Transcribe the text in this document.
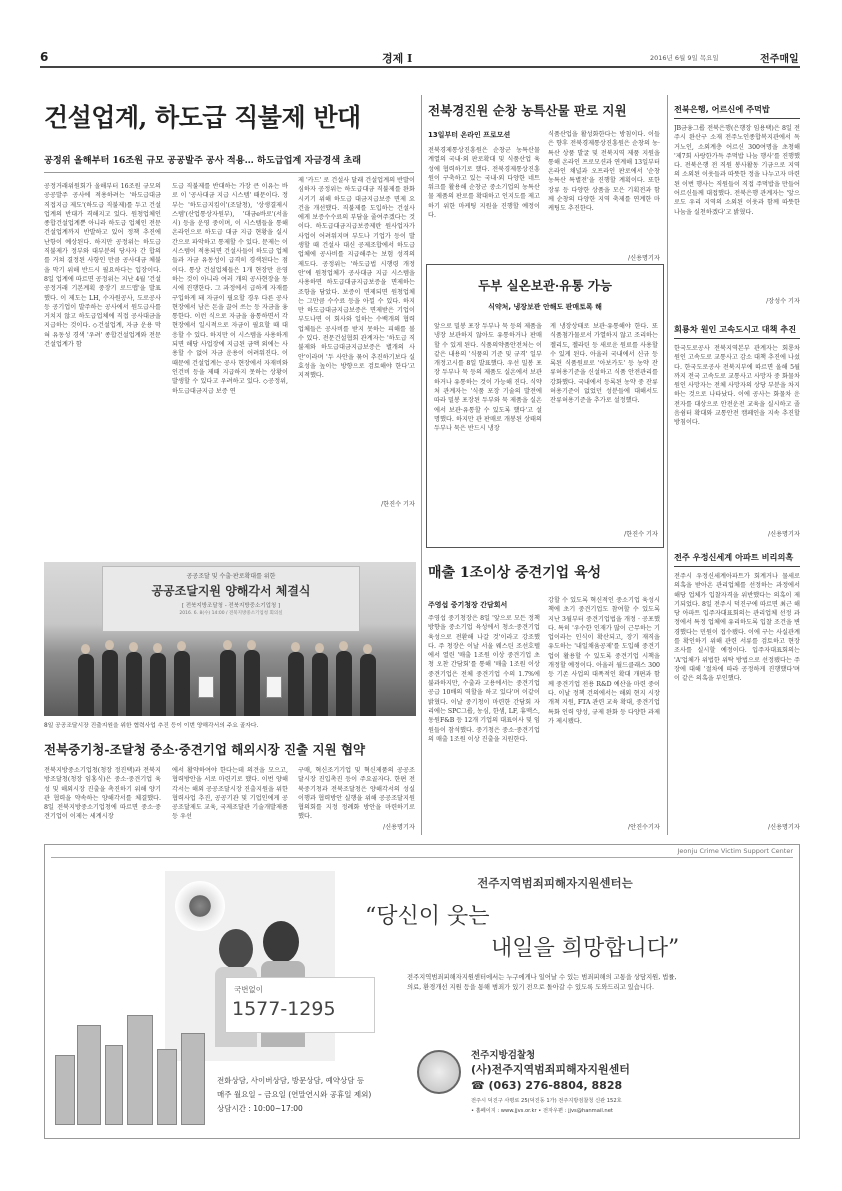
6	경제 Ⅰ	2016년 6월 9일 목요일	전주매일
건설업계, 하도급 직불제 반대
공정위 올해부터 16조원 규모 공공발주 공사 적용… 하도급업계 자금경색 초래
공정거래위원회가 올해부터 16조원 규모의 공공발주 공사에 적용하려는 '하도급대금 직접지급 제도'(하도급 직불제)를 두고 건설업계의 반대가 격해지고 있다. 원청업체인 종합건설업계뿐 아니라 하도급 업체인 전문건설업계까지 반발하고 있어 정책 추진에 난항이 예상된다. 하지만 공정위는 하도급 직불제가 정부와 대부분의 당사자 간 합의를 거쳐 결정된 사항인 만큼 공사대금 체불을 막기 위해 반드시 필요하다는 입장이다. 8일 업계에 따르면 공정위는 지난 4월 '건설 공정거래 기본계획 중장기 로드맵'을 발표했다. 이 제도는 LH, 수자원공사, 도로공사 등 공기업이 발주하는 공사에서 원도급사를 거치지 않고 하도급업체에 직접 공사대금을 지급하는 것이다. ◇건설업계, 자금 운용 막혀 유동성 경색 '우려' 종합건설업계와 전문건설업계가 함
도급 직불제를 반대하는 가장 큰 이유는 바로 이 '공사대금 지급 시스템' 때문이다. 정부는 '하도급지킴이'(조달청), '상생결제시스템'(산업통상자원부), '대금e바로'(서울시) 등을 운영 중이며, 이 시스템들을 통해 온라인으로 하도급 대금 지급 현황을 실시간으로 파악하고 통제할 수 있다. 문제는 이 시스템이 적용되면 건설사들이 하도급 업체들과 자금 유동성이 급격히 경색된다는 점이다. 통상 건설업체들은 1개 현장만 운영하는 것이 아니라 여러 개의 공사현장을 동시에 진행한다. 그 과정에서 급하게 자재를 구입하게 돼 자금이 필요할 경우 다른 공사 현장에서 남은 돈을 끌어 쓰는 등 자금을 융통한다. 이런 식으로 자금을 융통하면서 각 현장에서 일시적으로 자금이 필요할 때 대응할 수 있다. 하지만 이 시스템을 사용하게 되면 해당 사업장에 지급된 금액 외에는 사용할 수 없어 자금 운용이 어려워진다. 이 때문에 건설업계는 공사 현장에서 자재비와 인건비 등을 제때 지급하지 못하는 상황이 발생할 수 있다고 우려하고 있다. ◇공정위, 하도급대금지급 보증 연
제 '카드' 로 건설사 달래 건설업계의 반발이 심하자 공정위는 하도급대금 직불제를 완화시키기 위해 하도급 대금지급보증 면제 요건을 개선했다. 직불제를 도입하는 건설사에게 보증수수료의 부담을 줄여주겠다는 것이다. 하도급대금지급보증제란 원사업자가 사업이 어려워지며 부도나 기업가 등이 발생할 때 건설사 대신 공제조합에서 하도급 업체에 공사비를 지급해주는 보험 성격의 제도다. 공정위는 '하도급법 시행령 개정안'에 원청업체가 공사대금 지급 시스템을 사용하면 하도급대금지급보증을 면제하는 조항을 담았다. 보증이 면제되면 원청업체는 그만큼 수수료 등을 아낄 수 있다. 하지만 하도급대금지급보증은 면제받은 기업이 부도나면 이 회사와 일하는 수백개의 협력업체들은 공사비를 받지 못하는 피해를 볼 수 있다. 전문건설협회 관계자는 '하도급 직불제와 하도급대금지급보증은 별개의 사안'이라며 '두 사안을 묶어 추진하기보다 실효성을 높이는 방향으로 검토해야 한다'고 지적했다.
/한진수 기자
공공조달 및 수출·판로확대를 위한
공공조달지원 양해각서 체결식
[ 전북지방조달청 - 전북지방중소기업청 ]
2016. 6. 8(수) 14:00 / 전북지방중소기업청 회의실
8일 공공조달시장 진출지원을 위한 협력사업 추진 등이 이번 양해각서의 주요 골자다.
전북중기청-조달청 중소·중견기업 해외시장 진출 지원 협약
전북지방중소기업청(청장 정진택)과 전북지방조달청(청장 임홍식)은 중소·중견기업 육성 및 해외시장 진출을 촉진하기 위해 양기관 협력을 약속하는 양해각서를 체결했다. 8일 전북지방중소기업청에 따르면 중소·중견기업이 이제는 세계시장
에서 활약하여야 한다는데 의견을 모으고, 협력방안을 서로 마련키로 했다. 이번 양해각서는 해외 공공조달시장 진출지원을 위한 협력사업 추진, 공공기관 및 기업인에게 공공조달제도 교육, 국제조달관 기술개발제품 등 우선
구매, 혁신조기기업 및 혁신제품의 공공조달시장 진입촉진 등이 주요골자다. 한편 전북중기청과 전북조달청은 양해각서의 성실이행과 협력방안 실행을 위해 공공조달지원협의회를 지정 정례화 방안을 마련하기로 했다.
/신용명기자
전북경진원 순창 농특산물 판로 지원
13일부터 온라인 프로모션
전북경제통상진흥원은 순창군 농특산물 계열의 국내·외 판로확대 및 식품산업 육성에 협력하기로 했다. 전북경제통상진흥원이 구축하고 있는 국내·외 다양한 네트워크를 활용해 순창군 중소기업의 농특산물 제품의 판로를 확대하고 인지도를 제고하기 위한 마케팅 지원을 진행할 예정이다.
식품산업을 활성화한다는 방침이다. 이들은 향후 전북경제통상진흥원은 순창의 농·특산 상품 발굴 및 전북지역 제품 지원을 통해 온라인 프로모션과 연계해 13일부터 온라인 채널과 오프라인 판로에서 '순창 농특산 특별전'을 진행할 계획이다. 또한 장류 등 다양한 상품을 모은 기획전과 함께 순창의 다양한 지역 축제를 연계한 마케팅도 추진한다.
/신용명기자
두부 실온보관·유통 가능
식약처, 냉장보관 안해도 판매토록 해
앞으로 밀봉 포장 두부나 묵 등의 제품을 냉장 보관하지 않아도 유통하거나 판매할 수 있게 된다. 식품의약품안전처는 이 같은 내용의 '식품의 기준 및 규격' 일부개정고시를 8일 발표했다. 우선 밀봉 포장 두부나 묵 등의 제품도 실온에서 보관하거나 유통하는 것이 가능해 진다. 식약처 관계자는 '식품 포장 기술의 발전에 따라 밀봉 포장된 두부와 묵 제품을 실온에서 보관·유통할 수 있도록 했다'고 설명했다. 하지만 관 판매로 개봉된 상태의 두부나 묵은 반드시 냉장
게 냉장상태로 보관·유통해야 한다. 또 식품첨가물로서 가열하지 않고 조리하는 젤리도, 젤라틴 등 새로운 원료를 사용할 수 있게 된다. 아울러 국내에서 신규 등록된 식품원료로 '아보카도' 등 농약 잔류허용기준을 신설하고 식품 안전관리를 강화했다. 국내에서 등록된 농약 중 잔류허용기준이 없었던 성분들에 대해서도 잔류허용기준을 추가로 설정했다.
/한진수 기자
매출 1조이상 중견기업 육성
주영섭 중기청장 간담회서
주영섭 중기청장은 8일 '앞으로 모든 정책 방향을 중소기업 육성에서 청소·중견기업 육성으로 전환해 나갈 것'이라고 강조했다. 주 청장은 이날 서울 웨스틴 조선호텔에서 열린 '매출 1조원 이상 중견기업 초청 오찬 간담회'를 통해 '매출 1조원 이상 중견기업은 전체 중견기업 수의 1.7%에 불과하지만, 수출과 고용에서는 중견기업 공급 10배의 역할을 하고 있다'며 이같이 밝혔다. 이날 중기청이 마련한 간담회 자리에는 SPC그룹, 농심, 한샘, LF, 휴맥스, 동원F&B 등 12개 기업의 대표이사 및 임원들이 참석했다. 중기청은 중소·중견기업의 매출 1조원 이상 진출을 지원한다.
강할 수 있도록 혁신적인 중소기업 육성시책에 초기 중견기업도 참여할 수 있도록 지난 3월부터 중견기업법을 개정 · 공포했다. 특히 '우수한 인재가 많이 근무하는 기업이라는 인식이 확산되고, 장기 재직을 유도하는 '내일채움공제'를 도입해 중견기업이 활용할 수 있도록 중견기업 시책을 개정할 예정이다. 아울러 월드클래스 300 등 기존 사업의 대폭적인 확대 개편과 함께 중견기업 전용 R&D 예산을 마련 중이다. 이날 정책 건의에서는 해외 현지 시장 개척 지원, FTA 관련 교육 확대, 중견기업 특화 인력 양성, 규제 완화 등 다양한 과제가 제시됐다.
/안진수기자
전북은행, 어르신에 주먹밥
JB금융그룹 전북은행(은행장 임용택)은 8일 전주시 완산구 소재 전주노인종합복지관에서 독거노인, 소외계층 어르신 300여명을 초청해 '제7회 사랑한가득 주먹밥 나눔 행사'를 진행했다. 전북은행 전 직원 봉사활동 기금으로 지역의 소외된 이웃들과 따뜻한 정을 나누고자 마련된 이번 행사는 직원들이 직접 주먹밥을 만들어 어르신들께 대접했다. 전북은행 관계자는 '앞으로도 우리 지역의 소외된 이웃과 함께 따뜻한 나눔을 실천하겠다'고 밝혔다.
/장성수 기자
회룡차 원인 고속도시고 대책 추진
한국도로공사 전북지역본부 관계자는 회룡차 원인 고속도로 교통사고 감소 대책 추진에 나섰다. 한국도로공사 전북지부에 따르면 올해 5월까지 전국 고속도로 교통사고 사망자 중 화물차 원인 사망자는 전체 사망자의 상당 부분을 차지하는 것으로 나타났다. 이에 공사는 화물차 운전자를 대상으로 안전운전 교육을 실시하고 졸음쉼터 확대와 교통안전 캠페인을 지속 추진할 방침이다.
/신용명기자
전주 우정신세계 아파트 비리의혹
전주시 우정신세계아파트가 회계거나 물세로 의혹을 받아온 관리업체를 선정하는 과정에서 해당 업체가 입찰자격을 위반했다는 의혹이 제기되었다. 8일 전주시 덕진구에 따르면 최근 해당 아파트 입주자대표회의는 관리업체 선정 과정에서 특정 업체에 유리하도록 입찰 조건을 변경했다는 민원이 접수됐다. 이에 구는 사실관계를 확인하기 위해 관련 서류를 검토하고 현장 조사를 실시할 예정이다. 입주자대표회의는 'A'업체가 위법한 위탁 방법으로 선정됐다는 주장에 대해 '절차에 따라 공정하게 진행했다'며 이 같은 의혹을 부인했다.
/신용명기자
Jeonju Crime Victim Support Center
전주지역범죄피해자지원센터는
“당신이 웃는
내일을 희망합니다”
전주지역범죄피해자지원센터에서는 누구에게나 일어날 수 있는 범죄피해의 고통을 상담지원, 법률, 의료, 환경개선 지원 등을 통해 범죄가 있기 전으로 돌아갈 수 있도록 도와드리고 있습니다.
국번없이
1577-1295
전화상담, 사이버상담, 방문상담, 예약상담 등
매주 월요일 – 금요일 (연말연시와 공휴일 제외)
상담시간 : 10:00~17:00
전주지방검찰청
(사)전주지역범죄피해자지원센터
☎ (063) 276-8804, 8828
전주시 덕진구 사평로 25(덕진동 1가) 전주지방검찰청 신관 152호
• 홈페이지 : www.jjvs.or.kr • 전자우편 : jjvs@hanmail.net
